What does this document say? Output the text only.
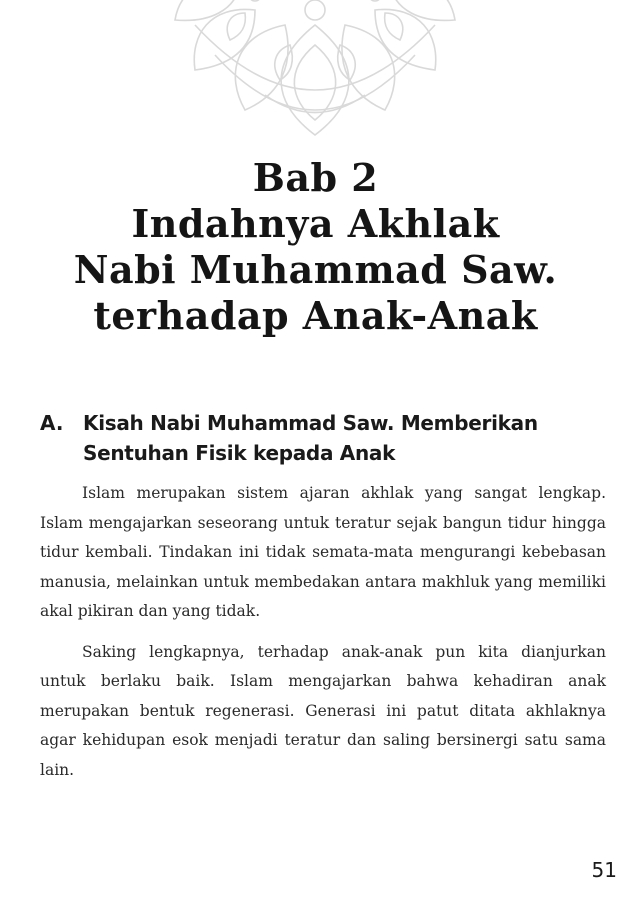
Bab 2
Indahnya Akhlak
Nabi Muhammad Saw.
terhadap Anak-Anak
A. Kisah Nabi Muhammad Saw. Memberikan Sentuhan Fisik kepada Anak

Islam merupakan sistem ajaran akhlak yang sangat lengkap. Islam mengajarkan seseorang untuk teratur sejak bangun tidur hingga tidur kembali. Tindakan ini tidak semata-mata mengurangi kebebasan manusia, melainkan untuk membedakan antara makhluk yang memiliki akal pikiran dan yang tidak.

Saking lengkapnya, terhadap anak-anak pun kita dianjurkan untuk berlaku baik. Islam mengajarkan bahwa kehadiran anak merupakan bentuk regenerasi. Generasi ini patut ditata akhlaknya agar kehidupan esok menjadi teratur dan saling bersinergi satu sama lain.

51
